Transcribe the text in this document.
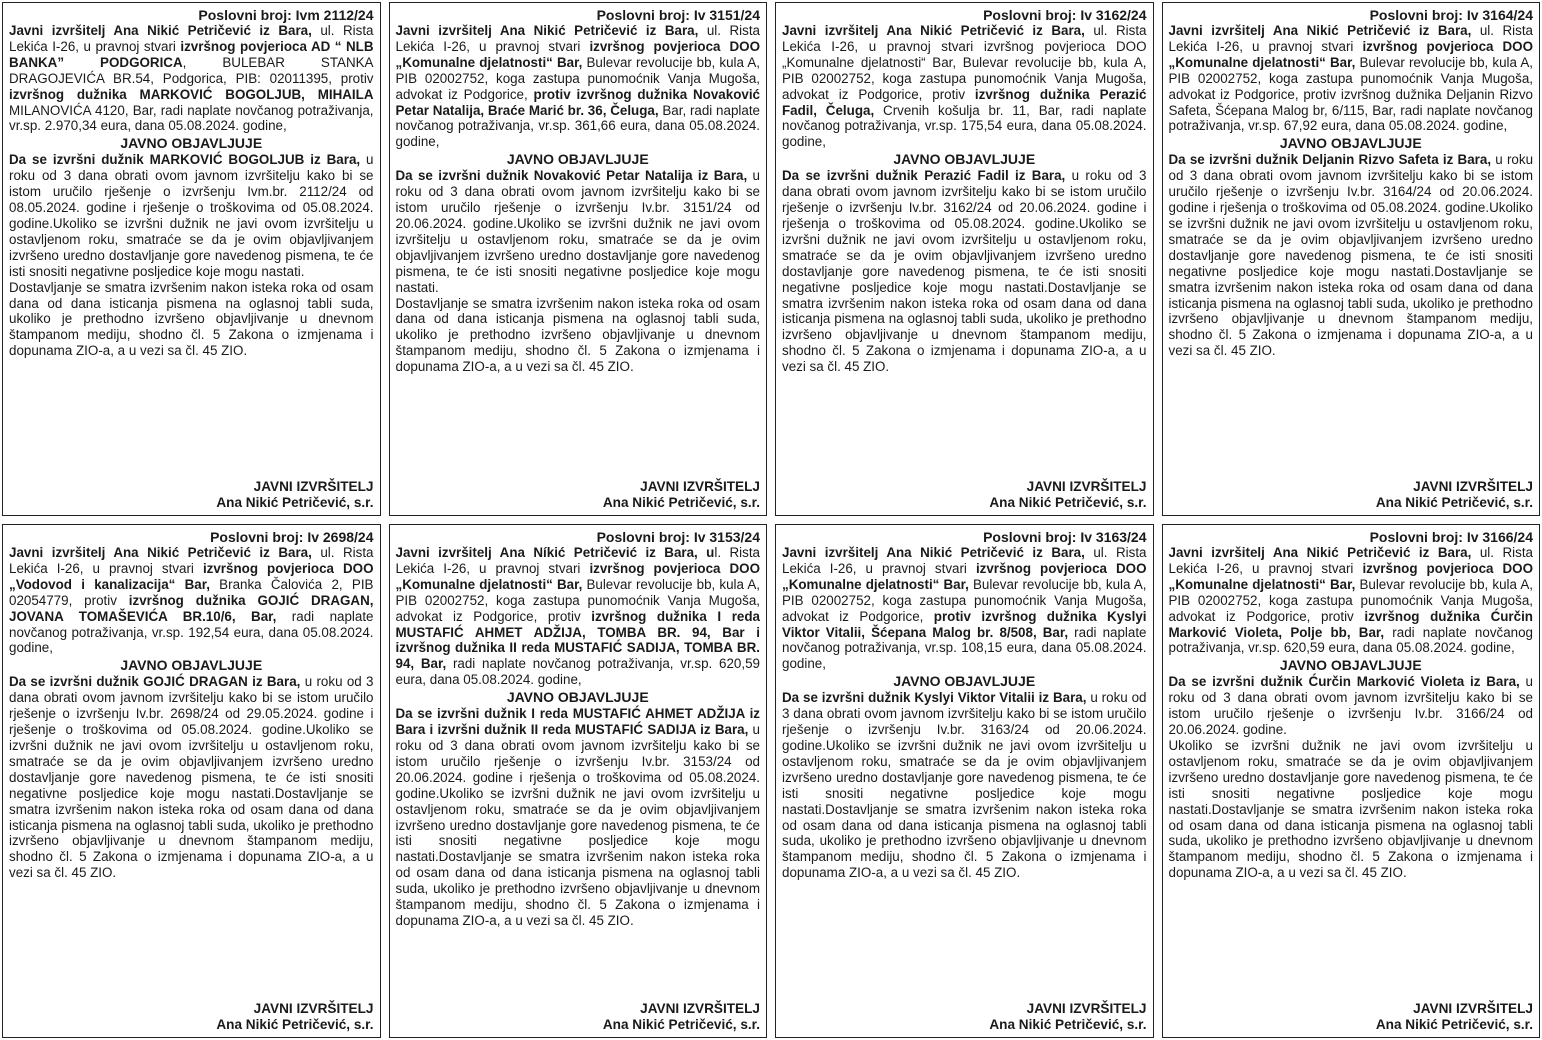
Poslovni broj: Ivm 2112/24

Javni izvršitelj Ana Nikić Petričević iz Bara, ul. Rista Lekića I-26, u pravnoj stvari izvršnog povjerioca AD “ NLB BANKA” PODGORICA, BULEBAR STANKA DRAGOJEVIĆA BR.54, Podgorica, PIB: 02011395, protiv izvršnog dužnika MARKOVIĆ BOGOLJUB, MIHAILA MILANOVIĆA 4120, Bar, radi naplate novčanog potraživanja, vr.sp. 2.970,34 eura, dana 05.08.2024. godine,

JAVNO OBJAVLJUJE

Da se izvršni dužnik MARKOVIĆ BOGOLJUB iz Bara, u roku od 3 dana obrati ovom javnom izvršitelju kako bi se istom uručilo rješenje o izvršenju Ivm.br. 2112/24 od 08.05.2024. godine i rješenje o troškovima od 05.08.2024. godine.Ukoliko se izvršni dužnik ne javi ovom izvršitelju u ostavljenom roku, smatraće se da je ovim objavljivanjem izvršeno uredno dostavljanje gore navedenog pismena, te će isti snositi negativne posljedice koje mogu nastati.

Dostavljanje se smatra izvršenim nakon isteka roka od osam dana od dana isticanja pismena na oglasnoj tabli suda, ukoliko je prethodno izvršeno objavljivanje u dnevnom štampanom mediju, shodno čl. 5 Zakona o izmjenama i dopunama ZIO-a, a u vezi sa čl. 45 ZIO.

JAVNI IZVRŠITELJ

Ana Nikić Petričević, s.r.

Poslovni broj: Iv 3151/24

Javni izvršitelj Ana Nikić Petričević iz Bara, ul. Rista Lekića I-26, u pravnoj stvari izvršnog povjerioca DOO „Komunalne djelatnosti“ Bar, Bulevar revolucije bb, kula A, PIB 02002752, koga zastupa punomoćnik Vanja Mugoša, advokat iz Podgorice, protiv izvršnog dužnika Novaković Petar Natalija, Braće Marić br. 36, Čeluga, Bar, radi naplate novčanog potraživanja, vr.sp. 361,66 eura, dana 05.08.2024. godine,

JAVNO OBJAVLJUJE

Da se izvršni dužnik Novaković Petar Natalija iz Bara, u roku od 3 dana obrati ovom javnom izvršitelju kako bi se istom uručilo rješenje o izvršenju Iv.br. 3151/24 od 20.06.2024. godine.Ukoliko se izvršni dužnik ne javi ovom izvršitelju u ostavljenom roku, smatraće se da je ovim objavljivanjem izvršeno uredno dostavljanje gore navedenog pismena, te će isti snositi negativne posljedice koje mogu nastati.

Dostavljanje se smatra izvršenim nakon isteka roka od osam dana od dana isticanja pismena na oglasnoj tabli suda, ukoliko je prethodno izvršeno objavljivanje u dnevnom štampanom mediju, shodno čl. 5 Zakona o izmjenama i dopunama ZIO-a, a u vezi sa čl. 45 ZIO.

JAVNI IZVRŠITELJ

Ana Nikić Petričević, s.r.

Poslovni broj: Iv 3162/24

Javni izvršitelj Ana Nikić Petričević iz Bara, ul. Rista Lekića I-26, u pravnoj stvari izvršnog povjerioca DOO „Komunalne djelatnosti“ Bar, Bulevar revolucije bb, kula A, PIB 02002752, koga zastupa punomoćnik Vanja Mugoša, advokat iz Podgorice, protiv izvršnog dužnika Perazić Fadil, Čeluga, Crvenih košulja br. 11, Bar, radi naplate novčanog potraživanja, vr.sp. 175,54 eura, dana 05.08.2024. godine,

JAVNO OBJAVLJUJE

Da se izvršni dužnik Perazić Fadil iz Bara, u roku od 3 dana obrati ovom javnom izvršitelju kako bi se istom uručilo rješenje o izvršenju Iv.br. 3162/24 od 20.06.2024. godine i rješenja o troškovima od 05.08.2024. godine.Ukoliko se izvršni dužnik ne javi ovom izvršitelju u ostavljenom roku, smatraće se da je ovim objavljivanjem izvršeno uredno dostavljanje gore navedenog pismena, te će isti snositi negativne posljedice koje mogu nastati.Dostavljanje se smatra izvršenim nakon isteka roka od osam dana od dana isticanja pismena na oglasnoj tabli suda, ukoliko je prethodno izvršeno objavljivanje u dnevnom štampanom mediju, shodno čl. 5 Zakona o izmjenama i dopunama ZIO-a, a u vezi sa čl. 45 ZIO.

JAVNI IZVRŠITELJ

Ana Nikić Petričević, s.r.

Poslovni broj: Iv 3164/24

Javni izvršitelj Ana Nikić Petričević iz Bara, ul. Rista Lekića I-26, u pravnoj stvari izvršnog povjerioca DOO „Komunalne djelatnosti“ Bar, Bulevar revolucije bb, kula A, PIB 02002752, koga zastupa punomoćnik Vanja Mugoša, advokat iz Podgorice, protiv izvršnog dužnika Deljanin Rizvo Safeta, Šćepana Malog br, 6/115, Bar, radi naplate novčanog potraživanja, vr.sp. 67,92 eura, dana 05.08.2024. godine,

JAVNO OBJAVLJUJE

Da se izvršni dužnik Deljanin Rizvo Safeta iz Bara, u roku od 3 dana obrati ovom javnom izvršitelju kako bi se istom uručilo rješenje o izvršenju Iv.br. 3164/24 od 20.06.2024. godine i rješenja o troškovima od 05.08.2024. godine.Ukoliko se izvršni dužnik ne javi ovom izvršitelju u ostavljenom roku, smatraće se da je ovim objavljivanjem izvršeno uredno dostavljanje gore navedenog pismena, te će isti snositi negativne posljedice koje mogu nastati.Dostavljanje se smatra izvršenim nakon isteka roka od osam dana od dana isticanja pismena na oglasnoj tabli suda, ukoliko je prethodno izvršeno objavljivanje u dnevnom štampanom mediju, shodno čl. 5 Zakona o izmjenama i dopunama ZIO-a, a u vezi sa čl. 45 ZIO.

JAVNI IZVRŠITELJ

Ana Nikić Petričević, s.r.

Poslovni broj: Iv 2698/24

Javni izvršitelj Ana Nikić Petričević iz Bara, ul. Rista Lekića I-26, u pravnoj stvari izvršnog povjerioca DOO „Vodovod i kanalizacija“ Bar, Branka Čalovića 2, PIB 02054779, protiv izvršnog dužnika GOJIĆ DRAGAN, JOVANA TOMAŠEVIĆA BR.10/6, Bar, radi naplate novčanog potraživanja, vr.sp. 192,54 eura, dana 05.08.2024. godine,

JAVNO OBJAVLJUJE

Da se izvršni dužnik GOJIĆ DRAGAN iz Bara, u roku od 3 dana obrati ovom javnom izvršitelju kako bi se istom uručilo rješenje o izvršenju Iv.br. 2698/24 od 29.05.2024. godine i rješenje o troškovima od 05.08.2024. godine.Ukoliko se izvršni dužnik ne javi ovom izvršitelju u ostavljenom roku, smatraće se da je ovim objavljivanjem izvršeno uredno dostavljanje gore navedenog pismena, te će isti snositi negativne posljedice koje mogu nastati.Dostavljanje se smatra izvršenim nakon isteka roka od osam dana od dana isticanja pismena na oglasnoj tabli suda, ukoliko je prethodno izvršeno objavljivanje u dnevnom štampanom mediju, shodno čl. 5 Zakona o izmjenama i dopunama ZIO-a, a u vezi sa čl. 45 ZIO.

JAVNI IZVRŠITELJ

Ana Nikić Petričević, s.r.

Poslovni broj: Iv 3153/24

Javni izvršitelj Ana Níkić Petričević iz Bara, ul. Rista Lekića I-26, u pravnoj stvari izvršnog povjerioca DOO „Komunalne djelatnosti“ Bar, Bulevar revolucije bb, kula A, PIB 02002752, koga zastupa punomoćnik Vanja Mugoša, advokat iz Podgorice, protiv izvršnog dužnika I reda MUSTAFIĆ AHMET ADŽIJA, TOMBA BR. 94, Bar i izvršnog dužnika II reda MUSTAFIĆ SADIJA, TOMBA BR. 94, Bar, radi naplate novčanog potraživanja, vr.sp. 620,59 eura, dana 05.08.2024. godine,

JAVNO OBJAVLJUJE

Da se izvršni dužnik I reda MUSTAFIĆ AHMET ADŽIJA iz Bara i izvršni dužnik II reda MUSTAFIĆ SADIJA iz Bara, u roku od 3 dana obrati ovom javnom izvršitelju kako bi se istom uručilo rješenje o izvršenju Iv.br. 3153/24 od 20.06.2024. godine i rješenja o troškovima od 05.08.2024. godine.Ukoliko se izvršni dužnik ne javi ovom izvršitelju u ostavljenom roku, smatraće se da je ovim objavljivanjem izvršeno uredno dostavljanje gore navedenog pismena, te će isti snositi negativne posljedice koje mogu nastati.Dostavljanje se smatra izvršenim nakon isteka roka od osam dana od dana isticanja pismena na oglasnoj tabli suda, ukoliko je prethodno izvršeno objavljivanje u dnevnom štampanom mediju, shodno čl. 5 Zakona o izmjenama i dopunama ZIO-a, a u vezi sa čl. 45 ZIO.

JAVNI IZVRŠITELJ

Ana Nikić Petričević, s.r.

Poslovni broj: Iv 3163/24

Javni izvršitelj Ana Nikić Petričević iz Bara, ul. Rista Lekića I-26, u pravnoj stvari izvršnog povjerioca DOO „Komunalne djelatnosti“ Bar, Bulevar revolucije bb, kula A, PIB 02002752, koga zastupa punomoćnik Vanja Mugoša, advokat iz Podgorice, protiv izvršnog dužnika Kyslyi Viktor Vitalii, Šćepana Malog br. 8/508, Bar, radi naplate novčanog potraživanja, vr.sp. 108,15 eura, dana 05.08.2024. godine,

JAVNO OBJAVLJUJE

Da se izvršni dužnik Kyslyi Viktor Vitalii iz Bara, u roku od 3 dana obrati ovom javnom izvršitelju kako bi se istom uručilo rješenje o izvršenju Iv.br. 3163/24 od 20.06.2024. godine.Ukoliko se izvršni dužnik ne javi ovom izvršitelju u ostavljenom roku, smatraće se da je ovim objavljivanjem izvršeno uredno dostavljanje gore navedenog pismena, te će isti snositi negativne posljedice koje mogu nastati.Dostavljanje se smatra izvršenim nakon isteka roka od osam dana od dana isticanja pismena na oglasnoj tabli suda, ukoliko je prethodno izvršeno objavljivanje u dnevnom štampanom mediju, shodno čl. 5 Zakona o izmjenama i dopunama ZIO-a, a u vezi sa čl. 45 ZIO.

JAVNI IZVRŠITELJ

Ana Nikić Petričević, s.r.

Poslovni broj: Iv 3166/24

Javni izvršitelj Ana Nikić Petričević iz Bara, ul. Rista Lekića I-26, u pravnoj stvari izvršnog povjerioca DOO „Komunalne djelatnosti“ Bar, Bulevar revolucije bb, kula A, PIB 02002752, koga zastupa punomoćnik Vanja Mugoša, advokat iz Podgorice, protiv izvršnog dužnika Ćurčin Marković Violeta, Polje bb, Bar, radi naplate novčanog potraživanja, vr.sp. 620,59 eura, dana 05.08.2024. godine,

JAVNO OBJAVLJUJE

Da se izvršni dužnik Ćurčin Marković Violeta iz Bara, u roku od 3 dana obrati ovom javnom izvršitelju kako bi se istom uručilo rješenje o izvršenju Iv.br. 3166/24 od 20.06.2024. godine.

Ukoliko se izvršni dužnik ne javi ovom izvršitelju u ostavljenom roku, smatraće se da je ovim objavljivanjem izvršeno uredno dostavljanje gore navedenog pismena, te će isti snositi negativne posljedice koje mogu nastati.Dostavljanje se smatra izvršenim nakon isteka roka od osam dana od dana isticanja pismena na oglasnoj tabli suda, ukoliko je prethodno izvršeno objavljivanje u dnevnom štampanom mediju, shodno čl. 5 Zakona o izmjenama i dopunama ZIO-a, a u vezi sa čl. 45 ZIO.

JAVNI IZVRŠITELJ

Ana Nikić Petričević, s.r.
